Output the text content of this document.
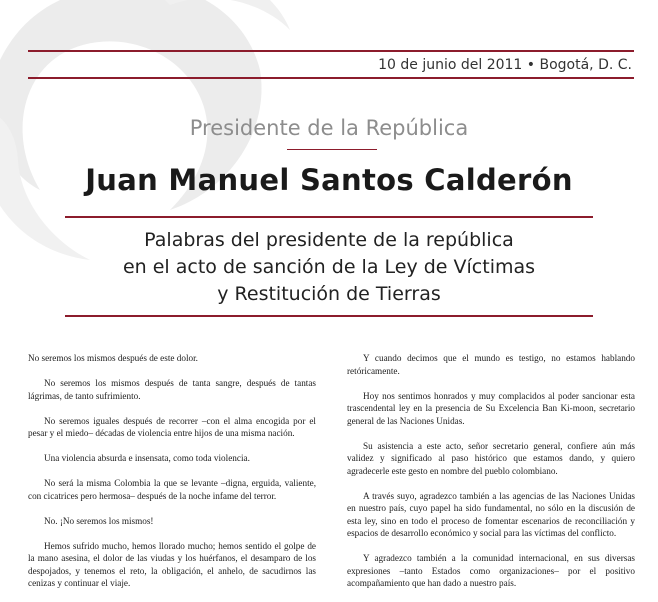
10 de junio del 2011 • Bogotá, D. C.
Presidente de la República
Juan Manuel Santos Calderón
Palabras del presidente de la república
en el acto de sanción de la Ley de Víctimas
y Restitución de Tierras

No seremos los mismos después de este dolor.

No seremos los mismos después de tanta sangre, después de tantas lágrimas, de tanto sufrimiento.

No seremos iguales después de recorrer –con el alma encogida por el pesar y el miedo– décadas de violencia entre hijos de una misma nación.

Una violencia absurda e insensata, como toda violencia.

No será la misma Colombia la que se levante –digna, erguida, valiente, con cicatrices pero hermosa– después de la noche infame del terror.

No. ¡No seremos los mismos!

Hemos sufrido mucho, hemos llorado mucho; hemos sentido el golpe de la mano asesina, el dolor de las viudas y los huérfanos, el desamparo de los despojados, y tenemos el reto, la obligación, el anhelo, de sacudirnos las cenizas y continuar el viaje.

Y cuando decimos que el mundo es testigo, no estamos hablando retóricamente.

Hoy nos sentimos honrados y muy complacidos al poder sancionar esta trascendental ley en la presencia de Su Excelencia Ban Ki-moon, secretario general de las Naciones Unidas.

Su asistencia a este acto, señor secretario general, confiere aún más validez y significado al paso histórico que estamos dando, y quiero agradecerle este gesto en nombre del pueblo colombiano.

A través suyo, agradezco también a las agencias de las Naciones Unidas en nuestro país, cuyo papel ha sido fundamental, no sólo en la discusión de esta ley, sino en todo el proceso de fomentar escenarios de reconciliación y espacios de desarrollo económico y social para las víctimas del conflicto.

Y agradezco también a la comunidad internacional, en sus diversas expresiones –tanto Estados como organizaciones– por el positivo acompañamiento que han dado a nuestro país.
